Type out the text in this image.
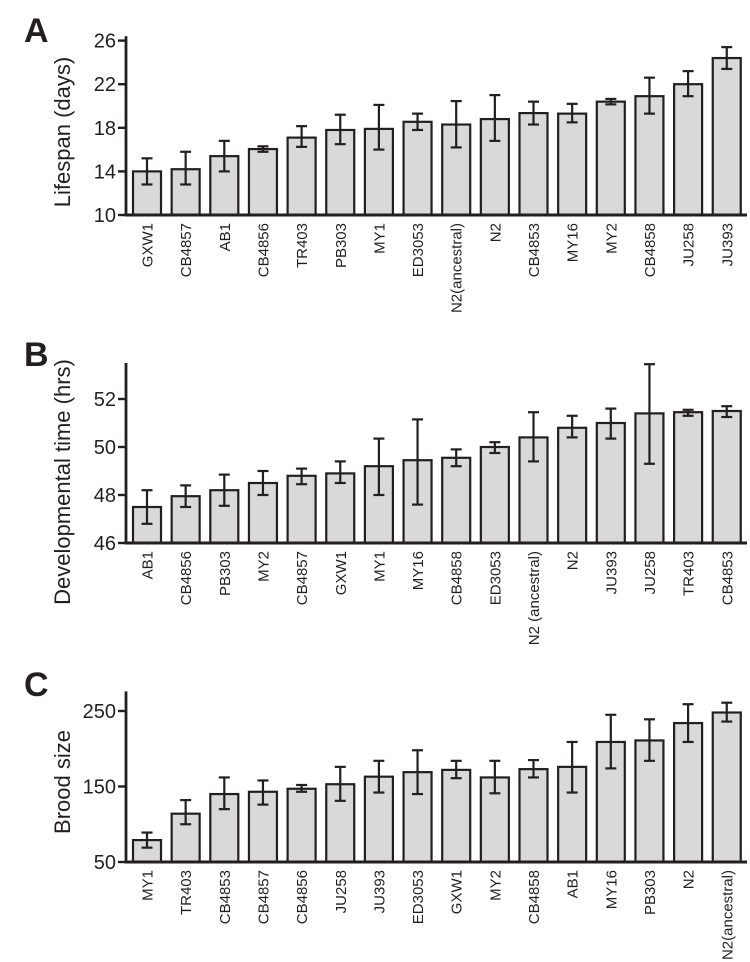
A
Lifespan (days)
10
14
18
22
26
GXW1 CB4857 AB1 CB4856 TR403 PB303 MY1 ED3053 N2(ancestral) N2 CB4853 MY16 MY2 CB4858 JU258 JU393
B
Developmental time (hrs) 46
48
50
52
AB1 CB4856 PB303 MY2 CB4857 GXW1 MY1 MY16 CB4858 ED3053 N2 (ancestral) N2 JU393 JU258 TR403 CB4853
C
Brood size
50
150
250
MY1 TR403 CB4853 CB4857 CB4856 JU258 JU393 ED3053 GXW1 MY2 CB4858 AB1 MY16 PB303 N2 N2(ancestral)
